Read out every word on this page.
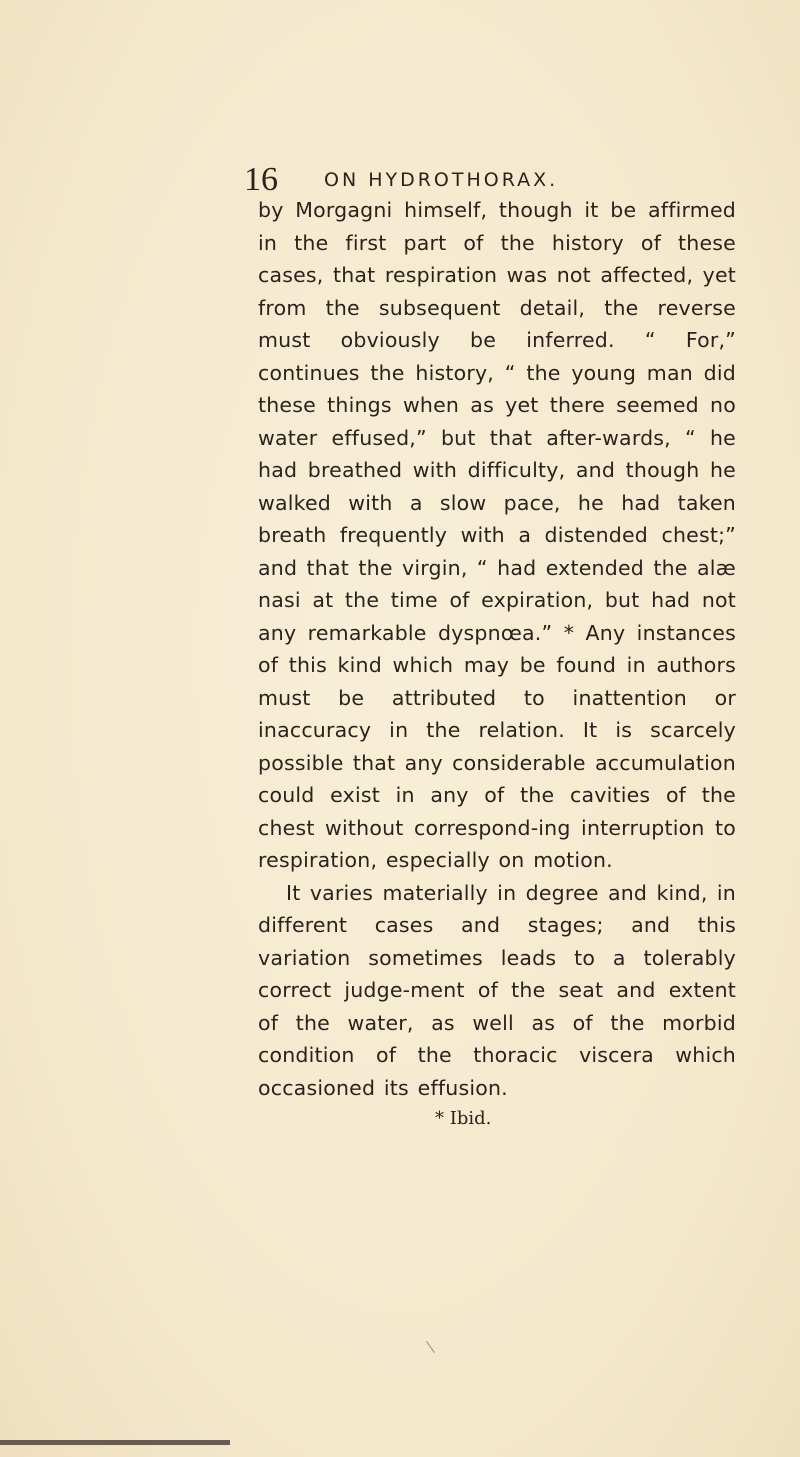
16 ON HYDROTHORAX.

by Morgagni himself, though it be affirmed in the first part of the history of these cases, that respiration was not affected, yet from the subsequent detail, the reverse must obviously be inferred. “ For,” continues the history, “ the young man did these things when as yet there seemed no water effused,” but that after-wards, “ he had breathed with difficulty, and though he walked with a slow pace, he had taken breath frequently with a distended chest;” and that the virgin, “ had extended the alæ nasi at the time of expiration, but had not any remarkable dyspnœa.” * Any instances of this kind which may be found in authors must be attributed to inattention or inaccuracy in the relation. It is scarcely possible that any considerable accumulation could exist in any of the cavities of the chest without correspond-ing interruption to respiration, especially on motion.

It varies materially in degree and kind, in different cases and stages; and this variation sometimes leads to a tolerably correct judge-ment of the seat and extent of the water, as well as of the morbid condition of the thoracic viscera which occasioned its effusion.

* Ibid.
